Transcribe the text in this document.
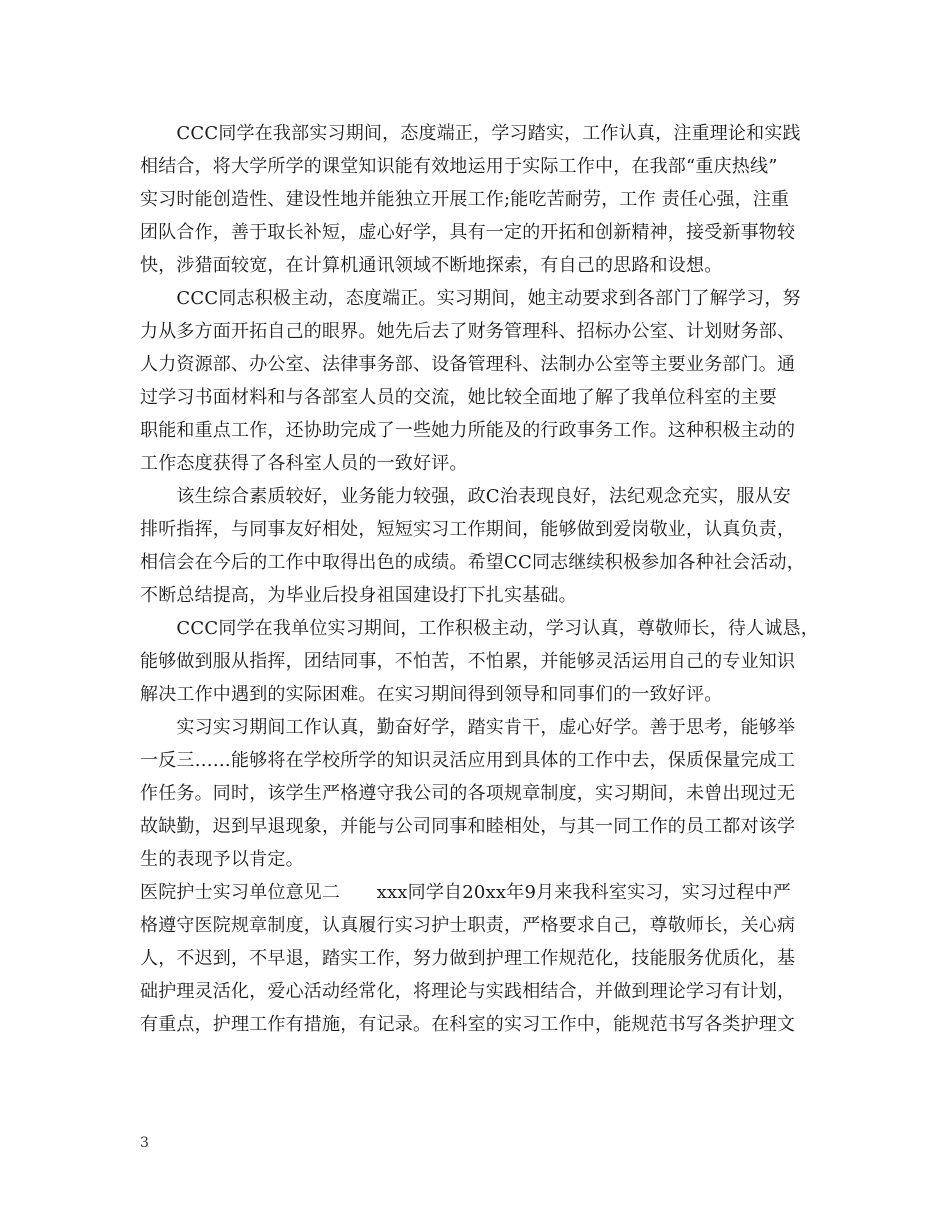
　　CCC同学在我部实习期间，态度端正，学习踏实，工作认真，注重理论和实践
相结合，将大学所学的课堂知识能有效地运用于实际工作中，在我部“重庆热线”
实习时能创造性、建设性地并能独立开展工作;能吃苦耐劳，工作 责任心强，注重
团队合作，善于取长补短，虚心好学，具有一定的开拓和创新精神，接受新事物较
快，涉猎面较宽，在计算机通讯领域不断地探索，有自己的思路和设想。
　　CCC同志积极主动，态度端正。实习期间，她主动要求到各部门了解学习，努
力从多方面开拓自己的眼界。她先后去了财务管理科、招标办公室、计划财务部、
人力资源部、办公室、法律事务部、设备管理科、法制办公室等主要业务部门。通
过学习书面材料和与各部室人员的交流，她比较全面地了解了我单位科室的主要
职能和重点工作，还协助完成了一些她力所能及的行政事务工作。这种积极主动的
工作态度获得了各科室人员的一致好评。
　　该生综合素质较好，业务能力较强，政C治表现良好，法纪观念充实，服从安
排听指挥，与同事友好相处，短短实习工作期间，能够做到爱岗敬业，认真负责，
相信会在今后的工作中取得出色的成绩。希望CC同志继续积极参加各种社会活动，
不断总结提高，为毕业后投身祖国建设打下扎实基础。
　　CCC同学在我单位实习期间，工作积极主动，学习认真，尊敬师长，待人诚恳，
能够做到服从指挥，团结同事，不怕苦，不怕累，并能够灵活运用自己的专业知识
解决工作中遇到的实际困难。在实习期间得到领导和同事们的一致好评。
　　实习实习期间工作认真，勤奋好学，踏实肯干，虚心好学。善于思考，能够举
一反三……能够将在学校所学的知识灵活应用到具体的工作中去，保质保量完成工
作任务。同时，该学生严格遵守我公司的各项规章制度，实习期间，未曾出现过无
故缺勤，迟到早退现象，并能与公司同事和睦相处，与其一同工作的员工都对该学
生的表现予以肯定。
医院护士实习单位意见二　　xxx同学自20xx年9月来我科室实习，实习过程中严
格遵守医院规章制度，认真履行实习护士职责，严格要求自己，尊敬师长，关心病
人，不迟到，不早退，踏实工作，努力做到护理工作规范化，技能服务优质化，基
础护理灵活化，爱心活动经常化，将理论与实践相结合，并做到理论学习有计划，
有重点，护理工作有措施，有记录。在科室的实习工作中，能规范书写各类护理文
3
